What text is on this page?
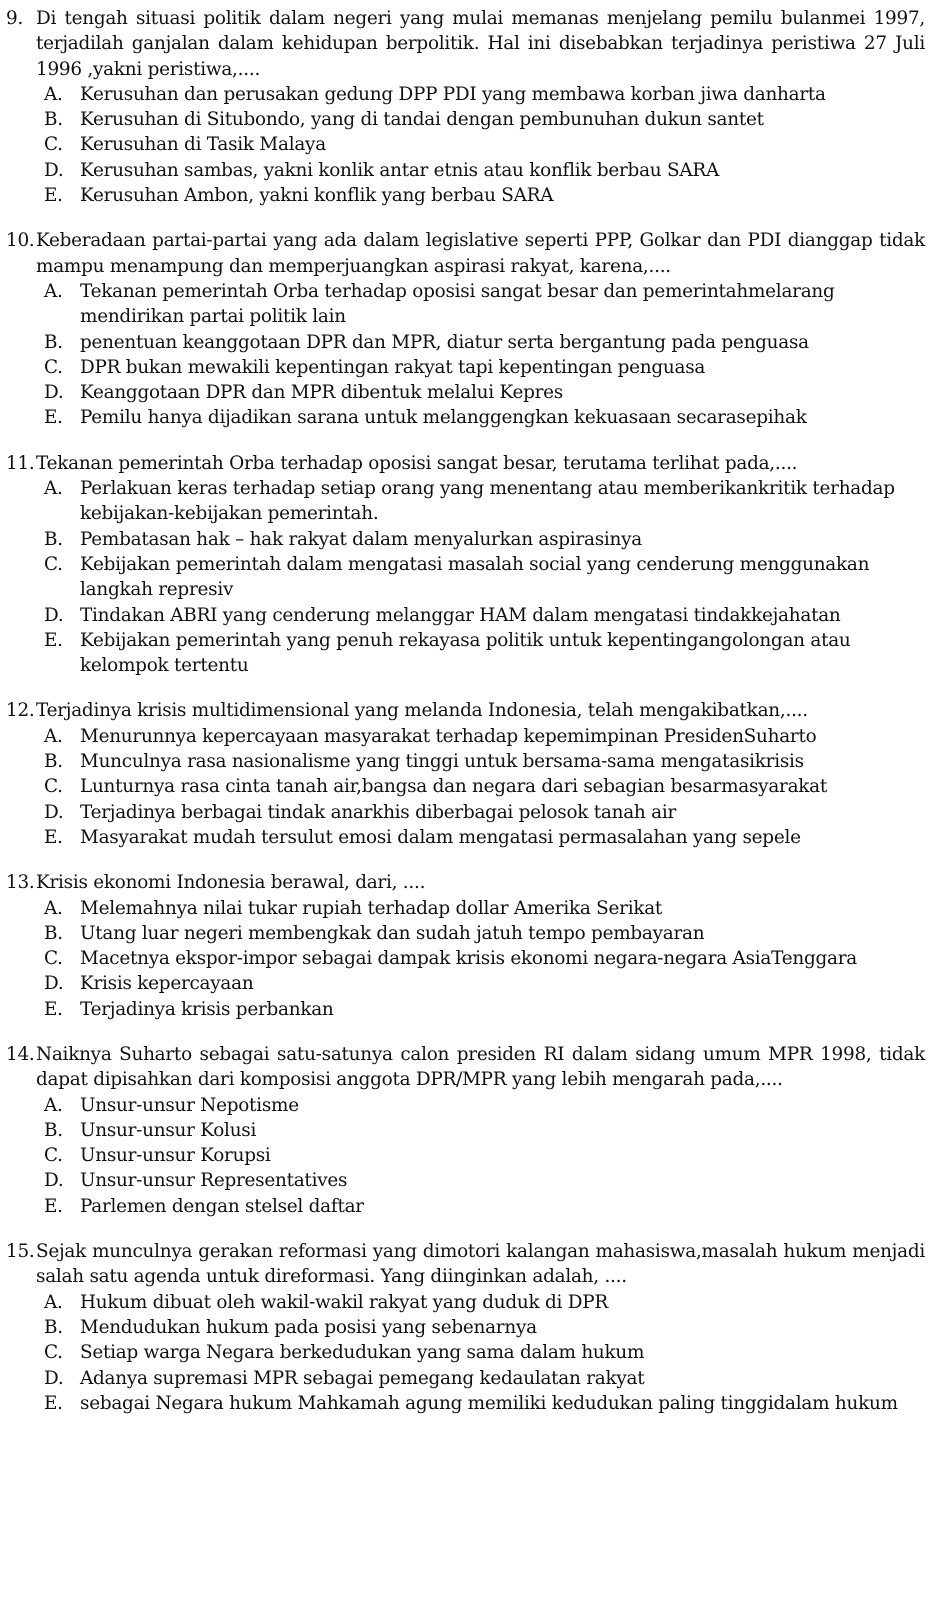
9. Di tengah situasi politik dalam negeri yang mulai memanas menjelang pemilu bulanmei 1997, terjadilah ganjalan dalam kehidupan berpolitik. Hal ini disebabkan terjadinya peristiwa 27 Juli 1996 ,yakni peristiwa,....
A. Kerusuhan dan perusakan gedung DPP PDI yang membawa korban jiwa danharta
B. Kerusuhan di Situbondo, yang di tandai dengan pembunuhan dukun santet
C. Kerusuhan di Tasik Malaya
D. Kerusuhan sambas, yakni konlik antar etnis atau konflik berbau SARA
E. Kerusuhan Ambon, yakni konflik yang berbau SARA
10. Keberadaan partai-partai yang ada dalam legislative seperti PPP, Golkar dan PDI dianggap tidak mampu menampung dan memperjuangkan aspirasi rakyat, karena,....
A. Tekanan pemerintah Orba terhadap oposisi sangat besar dan pemerintahmelarang mendirikan partai politik lain
B. penentuan keanggotaan DPR dan MPR, diatur serta bergantung pada penguasa
C. DPR bukan mewakili kepentingan rakyat tapi kepentingan penguasa
D. Keanggotaan DPR dan MPR dibentuk melalui Kepres
E. Pemilu hanya dijadikan sarana untuk melanggengkan kekuasaan secarasepihak
11. Tekanan pemerintah Orba terhadap oposisi sangat besar, terutama terlihat pada,....
A. Perlakuan keras terhadap setiap orang yang menentang atau memberikankritik terhadap kebijakan-kebijakan pemerintah.
B. Pembatasan hak – hak rakyat dalam menyalurkan aspirasinya
C. Kebijakan pemerintah dalam mengatasi masalah social yang cenderung menggunakan langkah represiv
D. Tindakan ABRI yang cenderung melanggar HAM dalam mengatasi tindakkejahatan
E. Kebijakan pemerintah yang penuh rekayasa politik untuk kepentingangolongan atau kelompok tertentu
12. Terjadinya krisis multidimensional yang melanda Indonesia, telah mengakibatkan,....
A. Menurunnya kepercayaan masyarakat terhadap kepemimpinan PresidenSuharto
B. Munculnya rasa nasionalisme yang tinggi untuk bersama-sama mengatasikrisis
C. Lunturnya rasa cinta tanah air,bangsa dan negara dari sebagian besarmasyarakat
D. Terjadinya berbagai tindak anarkhis diberbagai pelosok tanah air
E. Masyarakat mudah tersulut emosi dalam mengatasi permasalahan yang sepele
13. Krisis ekonomi Indonesia berawal, dari, ....
A. Melemahnya nilai tukar rupiah terhadap dollar Amerika Serikat
B. Utang luar negeri membengkak dan sudah jatuh tempo pembayaran
C. Macetnya ekspor-impor sebagai dampak krisis ekonomi negara-negara AsiaTenggara
D. Krisis kepercayaan
E. Terjadinya krisis perbankan
14. Naiknya Suharto sebagai satu-satunya calon presiden RI dalam sidang umum MPR 1998, tidak dapat dipisahkan dari komposisi anggota DPR/MPR yang lebih mengarah pada,....
A. Unsur-unsur Nepotisme
B. Unsur-unsur Kolusi
C. Unsur-unsur Korupsi
D. Unsur-unsur Representatives
E. Parlemen dengan stelsel daftar
15. Sejak munculnya gerakan reformasi yang dimotori kalangan mahasiswa,masalah hukum menjadi salah satu agenda untuk direformasi. Yang diinginkan adalah, ....
A. Hukum dibuat oleh wakil-wakil rakyat yang duduk di DPR
B. Mendudukan hukum pada posisi yang sebenarnya
C. Setiap warga Negara berkedudukan yang sama dalam hukum
D. Adanya supremasi MPR sebagai pemegang kedaulatan rakyat
E. sebagai Negara hukum Mahkamah agung memiliki kedudukan paling tinggidalam hukum
